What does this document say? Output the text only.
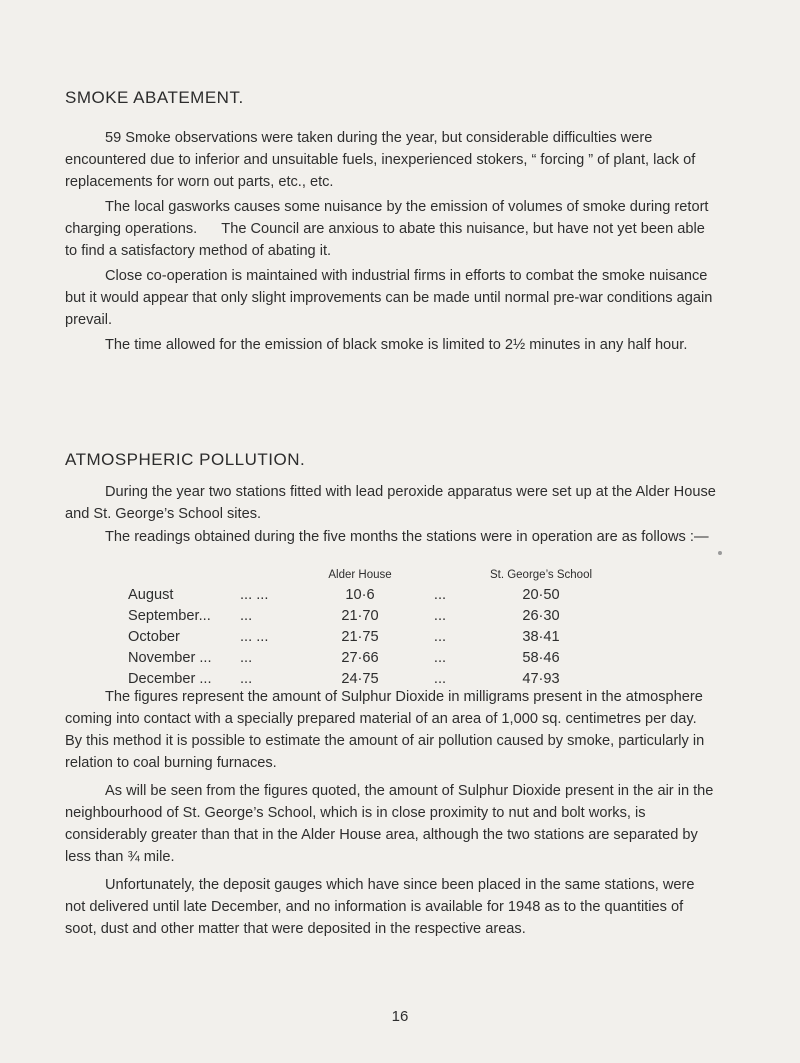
SMOKE ABATEMENT.

59 Smoke observations were taken during the year, but considerable difficulties were encountered due to inferior and unsuitable fuels, inexperienced stokers, “ forcing ” of plant, lack of replacements for worn out parts, etc., etc.

The local gasworks causes some nuisance by the emission of volumes of smoke during retort charging operations.      The Council are anxious to abate this nuisance, but have not yet been able to find a satisfactory method of abating it.

Close co-operation is maintained with industrial firms in efforts to combat the smoke nuisance but it would appear that only slight improvements can be made until normal pre-war conditions again prevail.

The time allowed for the emission of black smoke is limited to 2½ minutes in any half hour.

ATMOSPHERIC POLLUTION.

During the year two stations fitted with lead peroxide apparatus were set up at the Alder House and St. George’s School sites.

The readings obtained during the five months the stations were in operation are as follows :—

		Alder House		St. George’s School
August	... ...	10·6	...	20·50
September...	...	21·70	...	26·30
October	... ...	21·75	...	38·41
November ...	...	27·66	...	58·46
December ...	...	24·75	...	47·93

The figures represent the amount of Sulphur Dioxide in milligrams present in the atmosphere coming into contact with a specially prepared material of an area of 1,000 sq. centimetres per day.      By this method it is possible to estimate the amount of air pollution caused by smoke, particularly in relation to coal burning furnaces.

As will be seen from the figures quoted, the amount of Sulphur Dioxide present in the air in the neighbourhood of St. George’s School, which is in close proximity to nut and bolt works, is considerably greater than that in the Alder House area, although the two stations are separated by less than ¾ mile.

Unfortunately, the deposit gauges which have since been placed in the same stations, were not delivered until late December, and no information is available for 1948 as to the quantities of soot, dust and other matter that were deposited in the respective areas.

16
